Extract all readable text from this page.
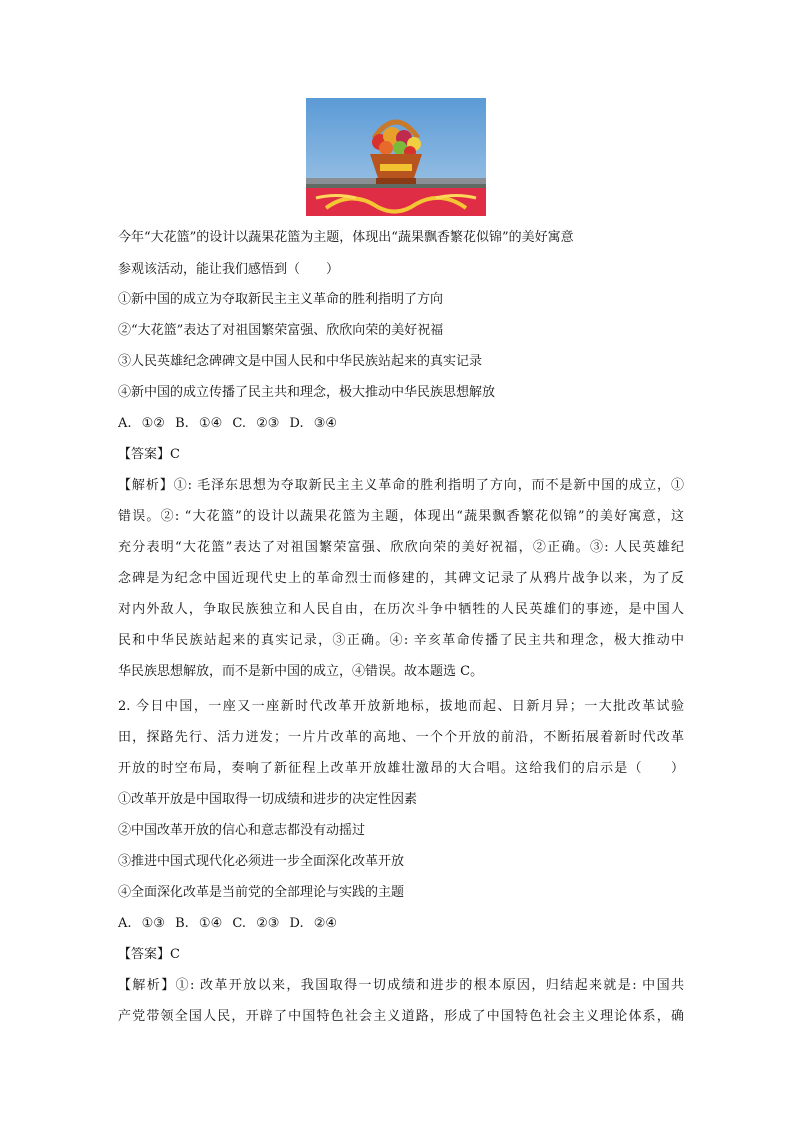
今年“大花篮”的设计以蔬果花篮为主题，体现出“蔬果飘香繁花似锦”的美好寓意
参观该活动，能让我们感悟到（　　）
①新中国的成立为夺取新民主主义革命的胜利指明了方向
②“大花篮”表达了对祖国繁荣富强、欣欣向荣的美好祝福
③人民英雄纪念碑碑文是中国人民和中华民族站起来的真实记录
④新中国的成立传播了民主共和理念，极大推动中华民族思想解放
A. ①② B. ①④ C. ②③ D. ③④
【答案】C
【解析】①: 毛泽东思想为夺取新民主主义革命的胜利指明了方向，而不是新中国的成立，①
错误。②: “大花篮”的设计以蔬果花篮为主题，体现出“蔬果飘香繁花似锦”的美好寓意，这
充分表明“大花篮”表达了对祖国繁荣富强、欣欣向荣的美好祝福，②正确。③: 人民英雄纪
念碑是为纪念中国近现代史上的革命烈士而修建的，其碑文记录了从鸦片战争以来，为了反
对内外敌人，争取民族独立和人民自由，在历次斗争中牺牲的人民英雄们的事迹，是中国人
民和中华民族站起来的真实记录，③正确。④: 辛亥革命传播了民主共和理念，极大推动中
华民族思想解放，而不是新中国的成立，④错误。故本题选 C。
2. 今日中国，一座又一座新时代改革开放新地标，拔地而起、日新月异；一大批改革试验
田，探路先行、活力迸发；一片片改革的高地、一个个开放的前沿，不断拓展着新时代改革
开放的时空布局，奏响了新征程上改革开放雄壮激昂的大合唱。这给我们的启示是（　　）
①改革开放是中国取得一切成绩和进步的决定性因素
②中国改革开放的信心和意志都没有动摇过
③推进中国式现代化必须进一步全面深化改革开放
④全面深化改革是当前党的全部理论与实践的主题
A. ①③ B. ①④ C. ②③ D. ②④
【答案】C
【解析】①: 改革开放以来，我国取得一切成绩和进步的根本原因，归结起来就是: 中国共
产党带领全国人民，开辟了中国特色社会主义道路，形成了中国特色社会主义理论体系，确
